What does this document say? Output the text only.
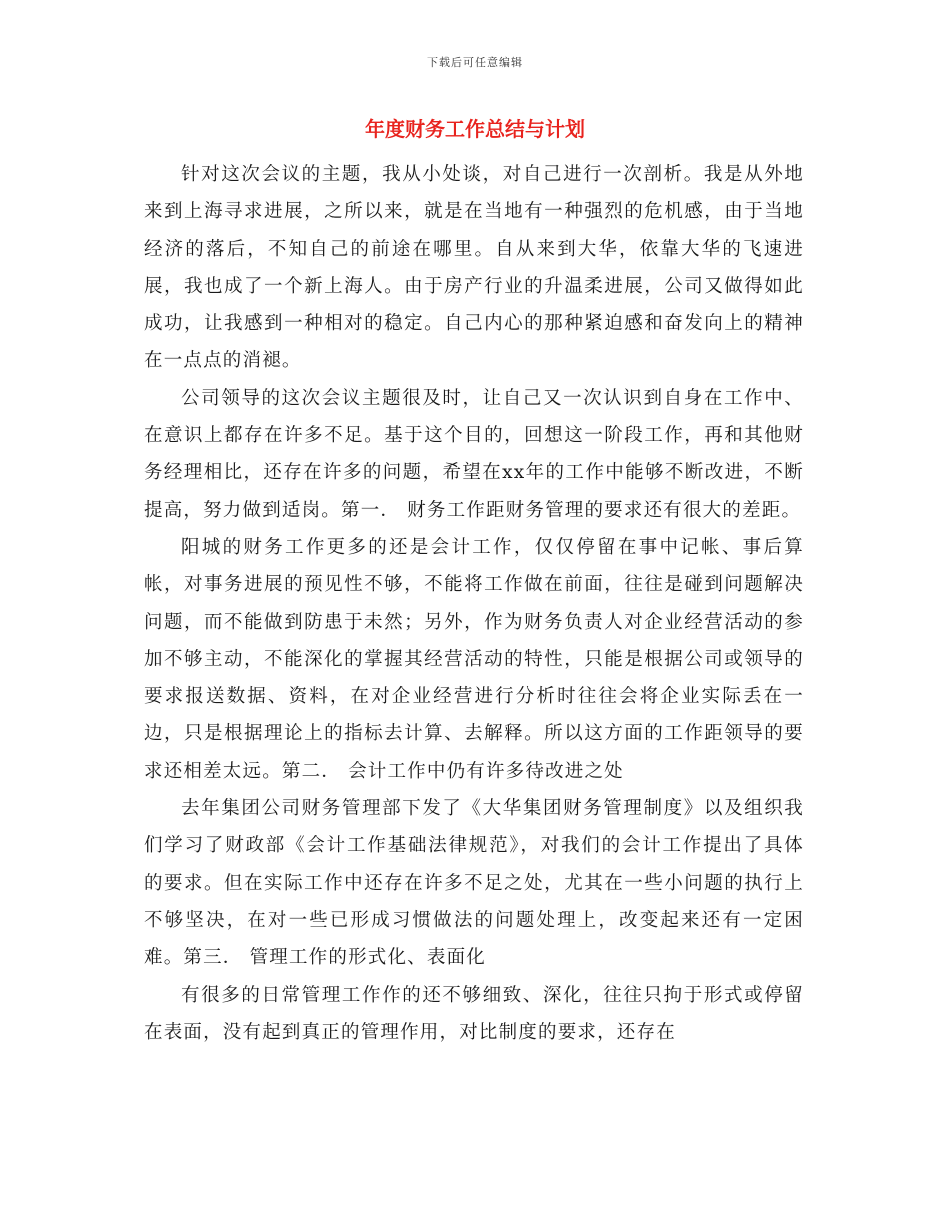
下载后可任意编辑
年度财务工作总结与计划

针对这次会议的主题，我从小处谈，对自己进行一次剖析。我是从外地来到上海寻求进展，之所以来，就是在当地有一种强烈的危机感，由于当地经济的落后，不知自己的前途在哪里。自从来到大华，依靠大华的飞速进展，我也成了一个新上海人。由于房产行业的升温柔进展，公司又做得如此成功，让我感到一种相对的稳定。自己内心的那种紧迫感和奋发向上的精神在一点点的消褪。

公司领导的这次会议主题很及时，让自己又一次认识到自身在工作中、在意识上都存在许多不足。基于这个目的，回想这一阶段工作，再和其他财务经理相比，还存在许多的问题，希望在xx年的工作中能够不断改进，不断提高，努力做到适岗。第一． 财务工作距财务管理的要求还有很大的差距。

阳城的财务工作更多的还是会计工作，仅仅停留在事中记帐、事后算帐，对事务进展的预见性不够，不能将工作做在前面，往往是碰到问题解决问题，而不能做到防患于未然；另外，作为财务负责人对企业经营活动的参加不够主动，不能深化的掌握其经营活动的特性，只能是根据公司或领导的要求报送数据、资料，在对企业经营进行分析时往往会将企业实际丢在一边，只是根据理论上的指标去计算、去解释。所以这方面的工作距领导的要求还相差太远。第二． 会计工作中仍有许多待改进之处

去年集团公司财务管理部下发了《大华集团财务管理制度》以及组织我们学习了财政部《会计工作基础法律规范》，对我们的会计工作提出了具体的要求。但在实际工作中还存在许多不足之处，尤其在一些小问题的执行上不够坚决，在对一些已形成习惯做法的问题处理上，改变起来还有一定困难。第三． 管理工作的形式化、表面化

有很多的日常管理工作作的还不够细致、深化，往往只拘于形式或停留在表面，没有起到真正的管理作用，对比制度的要求，还存在
